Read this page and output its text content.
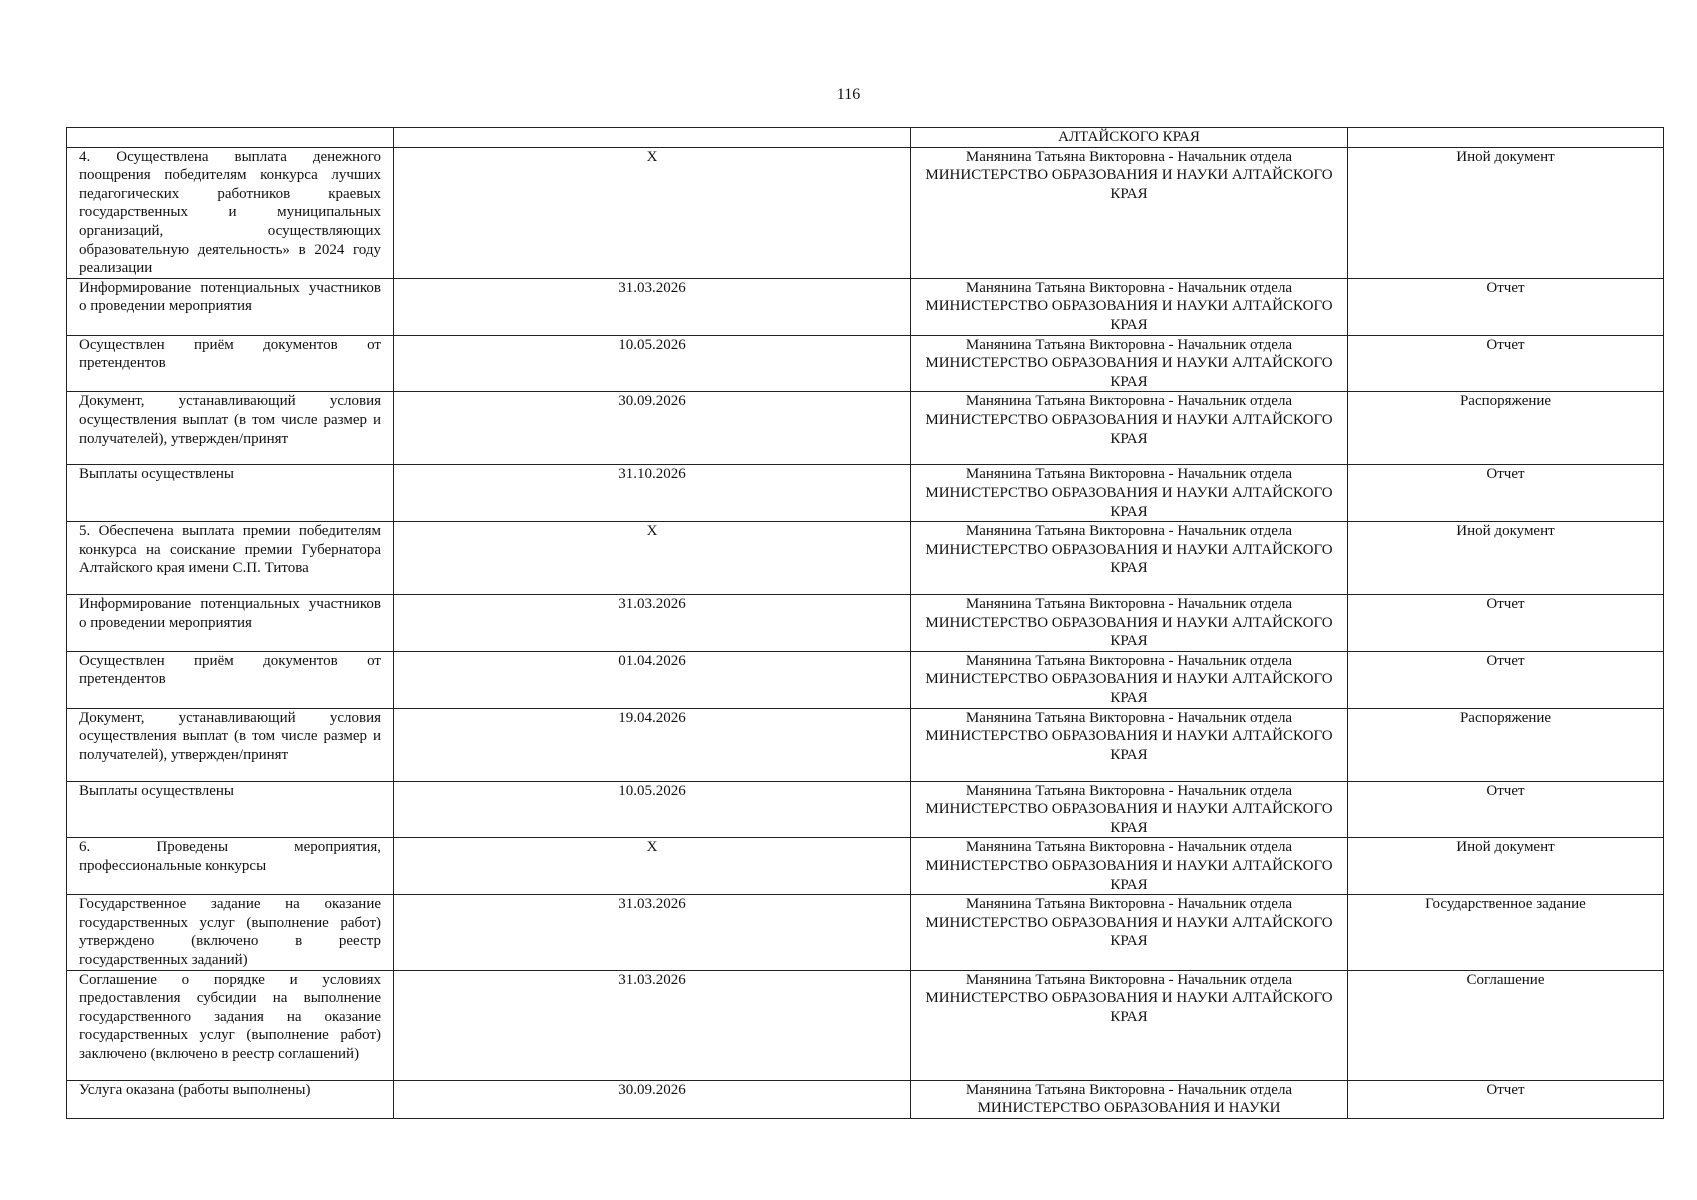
116
		АЛТАЙСКОГО КРАЯ	
4. Осуществлена выплата денежного поощрения победителям конкурса лучших педагогических работников краевых государственных и муниципальных организаций, осуществляющих образовательную деятельность» в 2024 году реализации	X	Манянина Татьяна Викторовна - Начальник отдела МИНИСТЕРСТВО ОБРАЗОВАНИЯ И НАУКИ АЛТАЙСКОГО КРАЯ	Иной документ
Информирование потенциальных участников о проведении мероприятия	31.03.2026	Манянина Татьяна Викторовна - Начальник отдела МИНИСТЕРСТВО ОБРАЗОВАНИЯ И НАУКИ АЛТАЙСКОГО КРАЯ	Отчет
Осуществлен приём документов от претендентов	10.05.2026	Манянина Татьяна Викторовна - Начальник отдела МИНИСТЕРСТВО ОБРАЗОВАНИЯ И НАУКИ АЛТАЙСКОГО КРАЯ	Отчет
Документ, устанавливающий условия осуществления выплат (в том числе размер и получателей), утвержден/принят	30.09.2026	Манянина Татьяна Викторовна - Начальник отдела МИНИСТЕРСТВО ОБРАЗОВАНИЯ И НАУКИ АЛТАЙСКОГО КРАЯ	Распоряжение
Выплаты осуществлены	31.10.2026	Манянина Татьяна Викторовна - Начальник отдела МИНИСТЕРСТВО ОБРАЗОВАНИЯ И НАУКИ АЛТАЙСКОГО КРАЯ	Отчет
5. Обеспечена выплата премии победителям конкурса на соискание премии Губернатора Алтайского края имени С.П. Титова	X	Манянина Татьяна Викторовна - Начальник отдела МИНИСТЕРСТВО ОБРАЗОВАНИЯ И НАУКИ АЛТАЙСКОГО КРАЯ	Иной документ
Информирование потенциальных участников о проведении мероприятия	31.03.2026	Манянина Татьяна Викторовна - Начальник отдела МИНИСТЕРСТВО ОБРАЗОВАНИЯ И НАУКИ АЛТАЙСКОГО КРАЯ	Отчет
Осуществлен приём документов от претендентов	01.04.2026	Манянина Татьяна Викторовна - Начальник отдела МИНИСТЕРСТВО ОБРАЗОВАНИЯ И НАУКИ АЛТАЙСКОГО КРАЯ	Отчет
Документ, устанавливающий условия осуществления выплат (в том числе размер и получателей), утвержден/принят	19.04.2026	Манянина Татьяна Викторовна - Начальник отдела МИНИСТЕРСТВО ОБРАЗОВАНИЯ И НАУКИ АЛТАЙСКОГО КРАЯ	Распоряжение
Выплаты осуществлены	10.05.2026	Манянина Татьяна Викторовна - Начальник отдела МИНИСТЕРСТВО ОБРАЗОВАНИЯ И НАУКИ АЛТАЙСКОГО КРАЯ	Отчет
6. Проведены мероприятия, профессиональные конкурсы	X	Манянина Татьяна Викторовна - Начальник отдела МИНИСТЕРСТВО ОБРАЗОВАНИЯ И НАУКИ АЛТАЙСКОГО КРАЯ	Иной документ
Государственное задание на оказание государственных услуг (выполнение работ) утверждено (включено в реестр государственных заданий)	31.03.2026	Манянина Татьяна Викторовна - Начальник отдела МИНИСТЕРСТВО ОБРАЗОВАНИЯ И НАУКИ АЛТАЙСКОГО КРАЯ	Государственное задание
Соглашение о порядке и условиях предоставления субсидии на выполнение государственного задания на оказание государственных услуг (выполнение работ) заключено (включено в реестр соглашений)	31.03.2026	Манянина Татьяна Викторовна - Начальник отдела МИНИСТЕРСТВО ОБРАЗОВАНИЯ И НАУКИ АЛТАЙСКОГО КРАЯ	Соглашение
Услуга оказана (работы выполнены)	30.09.2026	Манянина Татьяна Викторовна - Начальник отдела МИНИСТЕРСТВО ОБРАЗОВАНИЯ И НАУКИ	Отчет
